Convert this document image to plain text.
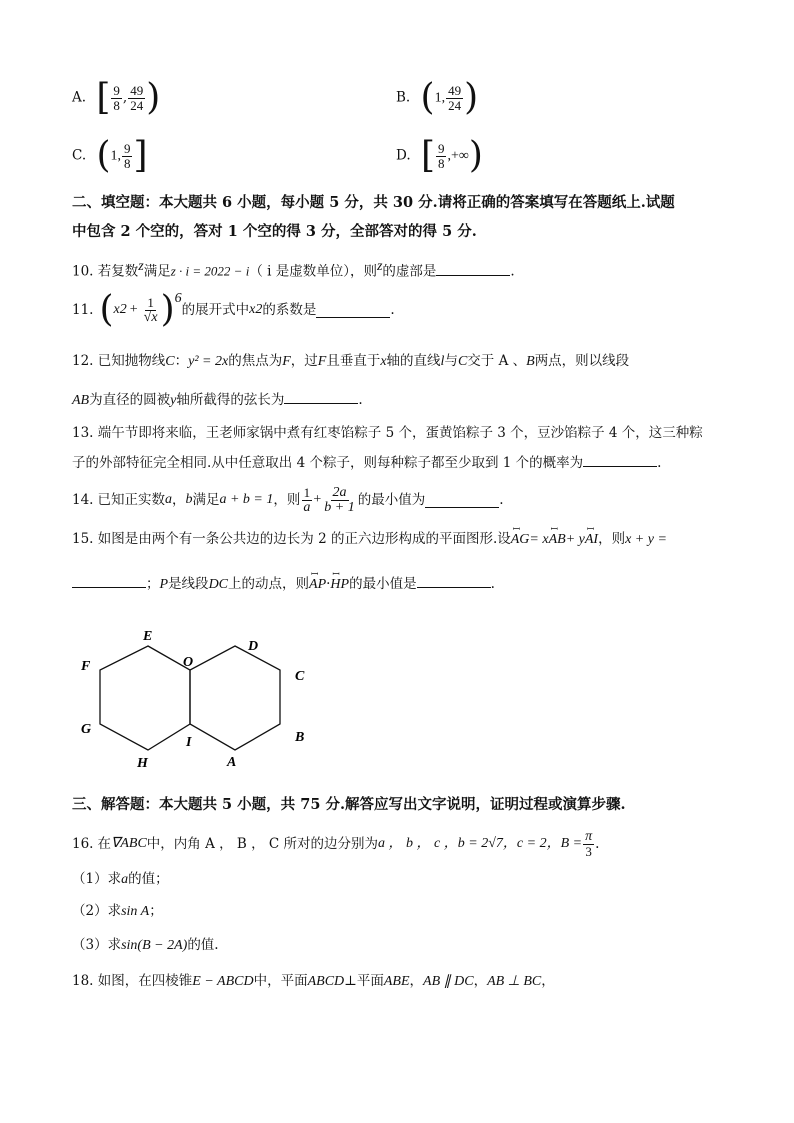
A. [ $\frac{9}{8}$ , $\frac{49}{24}$ )	B. (1, $\frac{49}{24}$ )
C. (1, $\frac{9}{8}$ ]	D. [ $\frac{9}{8}$ ,+∞)
二、填空题：本大题共 6 小题，每小题 5 分，共 30 分.请将正确的答案填写在答题纸上.试题
中包含 2 个空的，答对 1 个空的得 3 分，全部答对的得 5 分.
10. 若复数$^z$满足z · i = 2022 − i（ i 是虚数单位），则$^z$的虚部是	.
11. ( x $2 + \frac{1}{√x}$ ) 6
的展开式中 x 2 的系数是	.
12. 已知抛物线C：y² = 2x的焦点为F，过F且垂直于x轴的直线l与C交于 A 、B两点，则以线段
AB为直径的圆被y轴所截得的弦长为	.
13. 端午节即将来临，王老师家锅中煮有红枣馅粽子 5 个，蛋黄馅粽子 3 个，豆沙馅粽子 4 个，这三种粽
子的外部特征完全相同.从中任意取出 4 个粽子，则每种粽子都至少取到 1 个的概率为	.
14. 已知正实数 a ， b 满足 a + b = 1 ，则 $\frac{1}{a} + \frac{2a}{b + 1}$ 的最小值为	.
15. 如图是由两个有一条公共边的边长为 2 的正六边形构成的平面图形.设ꟷ AG= xꟷ AB+ yꟷ AI，则x + y =
；P是线段DC上的动点，则ꟷ AP·ꟷ HP的最小值是	.
E
D
F	O
C
G
I	B
H	A
三、解答题：本大题共 5 小题，共 75 分.解答应写出文字说明，证明过程或演算步骤.
16. 在 ∇ABC 中，内角 A ， B ， C 所对的边分别为 a ， b ， c ， b = 2√7 ，c = 2， $B = \frac{\pi}{3}$ .
（1）求a的值；
（2）求sin A；
（3）求sin(B − 2A)的值.
18. 如图，在四棱锥E − ABCD中，平面ABCD⊥平面ABE，AB ∥ DC，AB ⊥ BC，
